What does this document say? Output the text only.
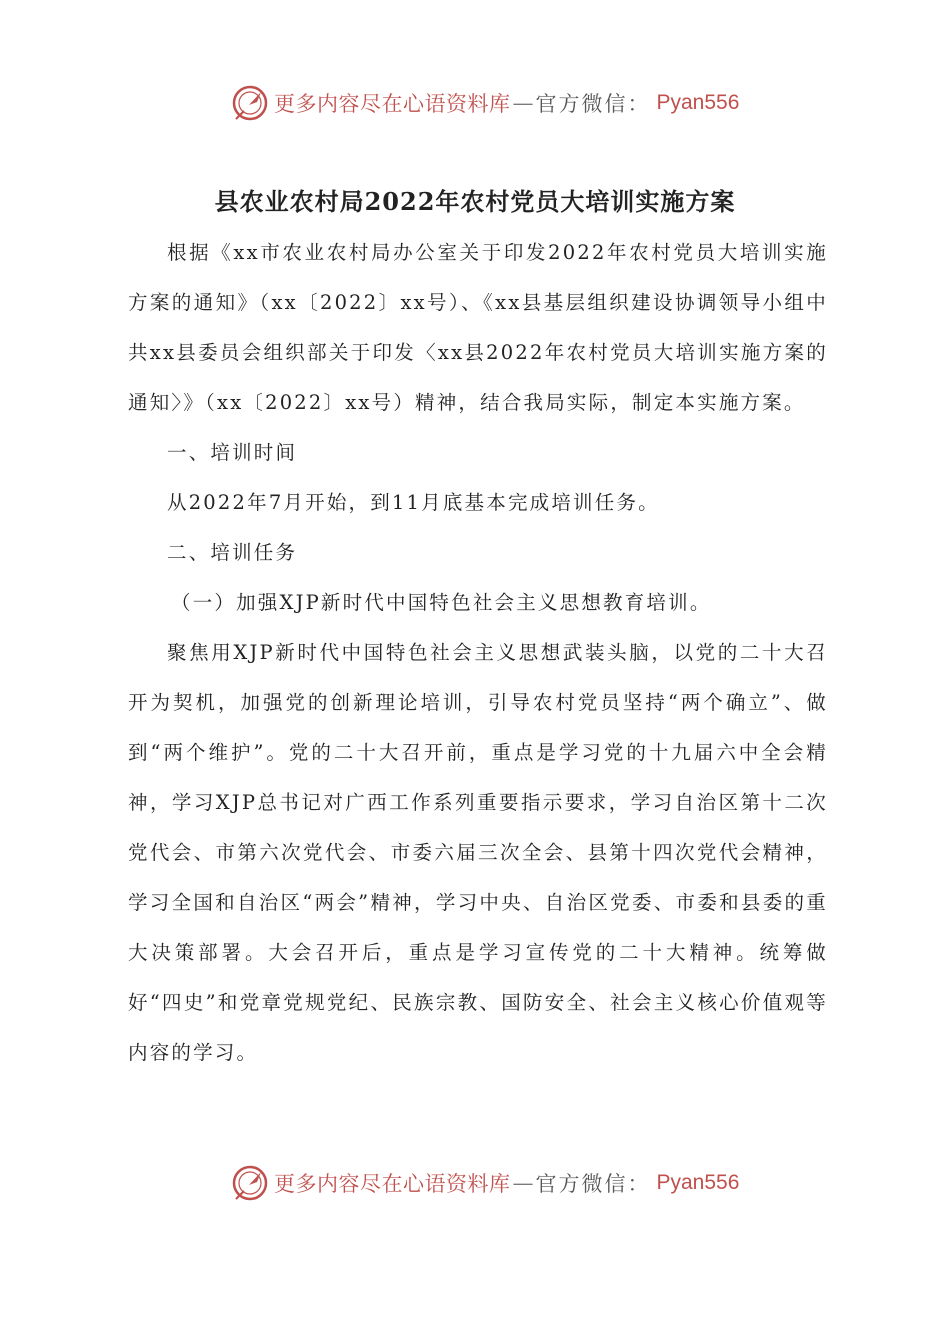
更多内容尽在心语资料库 — 官方微信： Pyan556
县农业农村局2022年农村党员大培训实施方案

根据《xx市农业农村局办公室关于印发2022年农村党员大培训实施方案的通知》（xx〔2022〕xx号）、《xx县基层组织建设协调领导小组中共xx县委员会组织部关于印发〈xx县2022年农村党员大培训实施方案的通知〉》（xx〔2022〕xx号）精神，结合我局实际，制定本实施方案。

一、培训时间

从2022年7月开始，到11月底基本完成培训任务。

二、培训任务

（一）加强XJP新时代中国特色社会主义思想教育培训。

聚焦用XJP新时代中国特色社会主义思想武装头脑，以党的二十大召开为契机，加强党的创新理论培训，引导农村党员坚持“两个确立”、做到“两个维护”。党的二十大召开前，重点是学习党的十九届六中全会精神，学习XJP总书记对广西工作系列重要指示要求，学习自治区第十二次党代会、市第六次党代会、市委六届三次全会、县第十四次党代会精神，学习全国和自治区“两会”精神，学习中央、自治区党委、市委和县委的重大决策部署。大会召开后，重点是学习宣传党的二十大精神。统筹做好“四史”和党章党规党纪、民族宗教、国防安全、社会主义核心价值观等内容的学习。

更多内容尽在心语资料库 — 官方微信： Pyan556
